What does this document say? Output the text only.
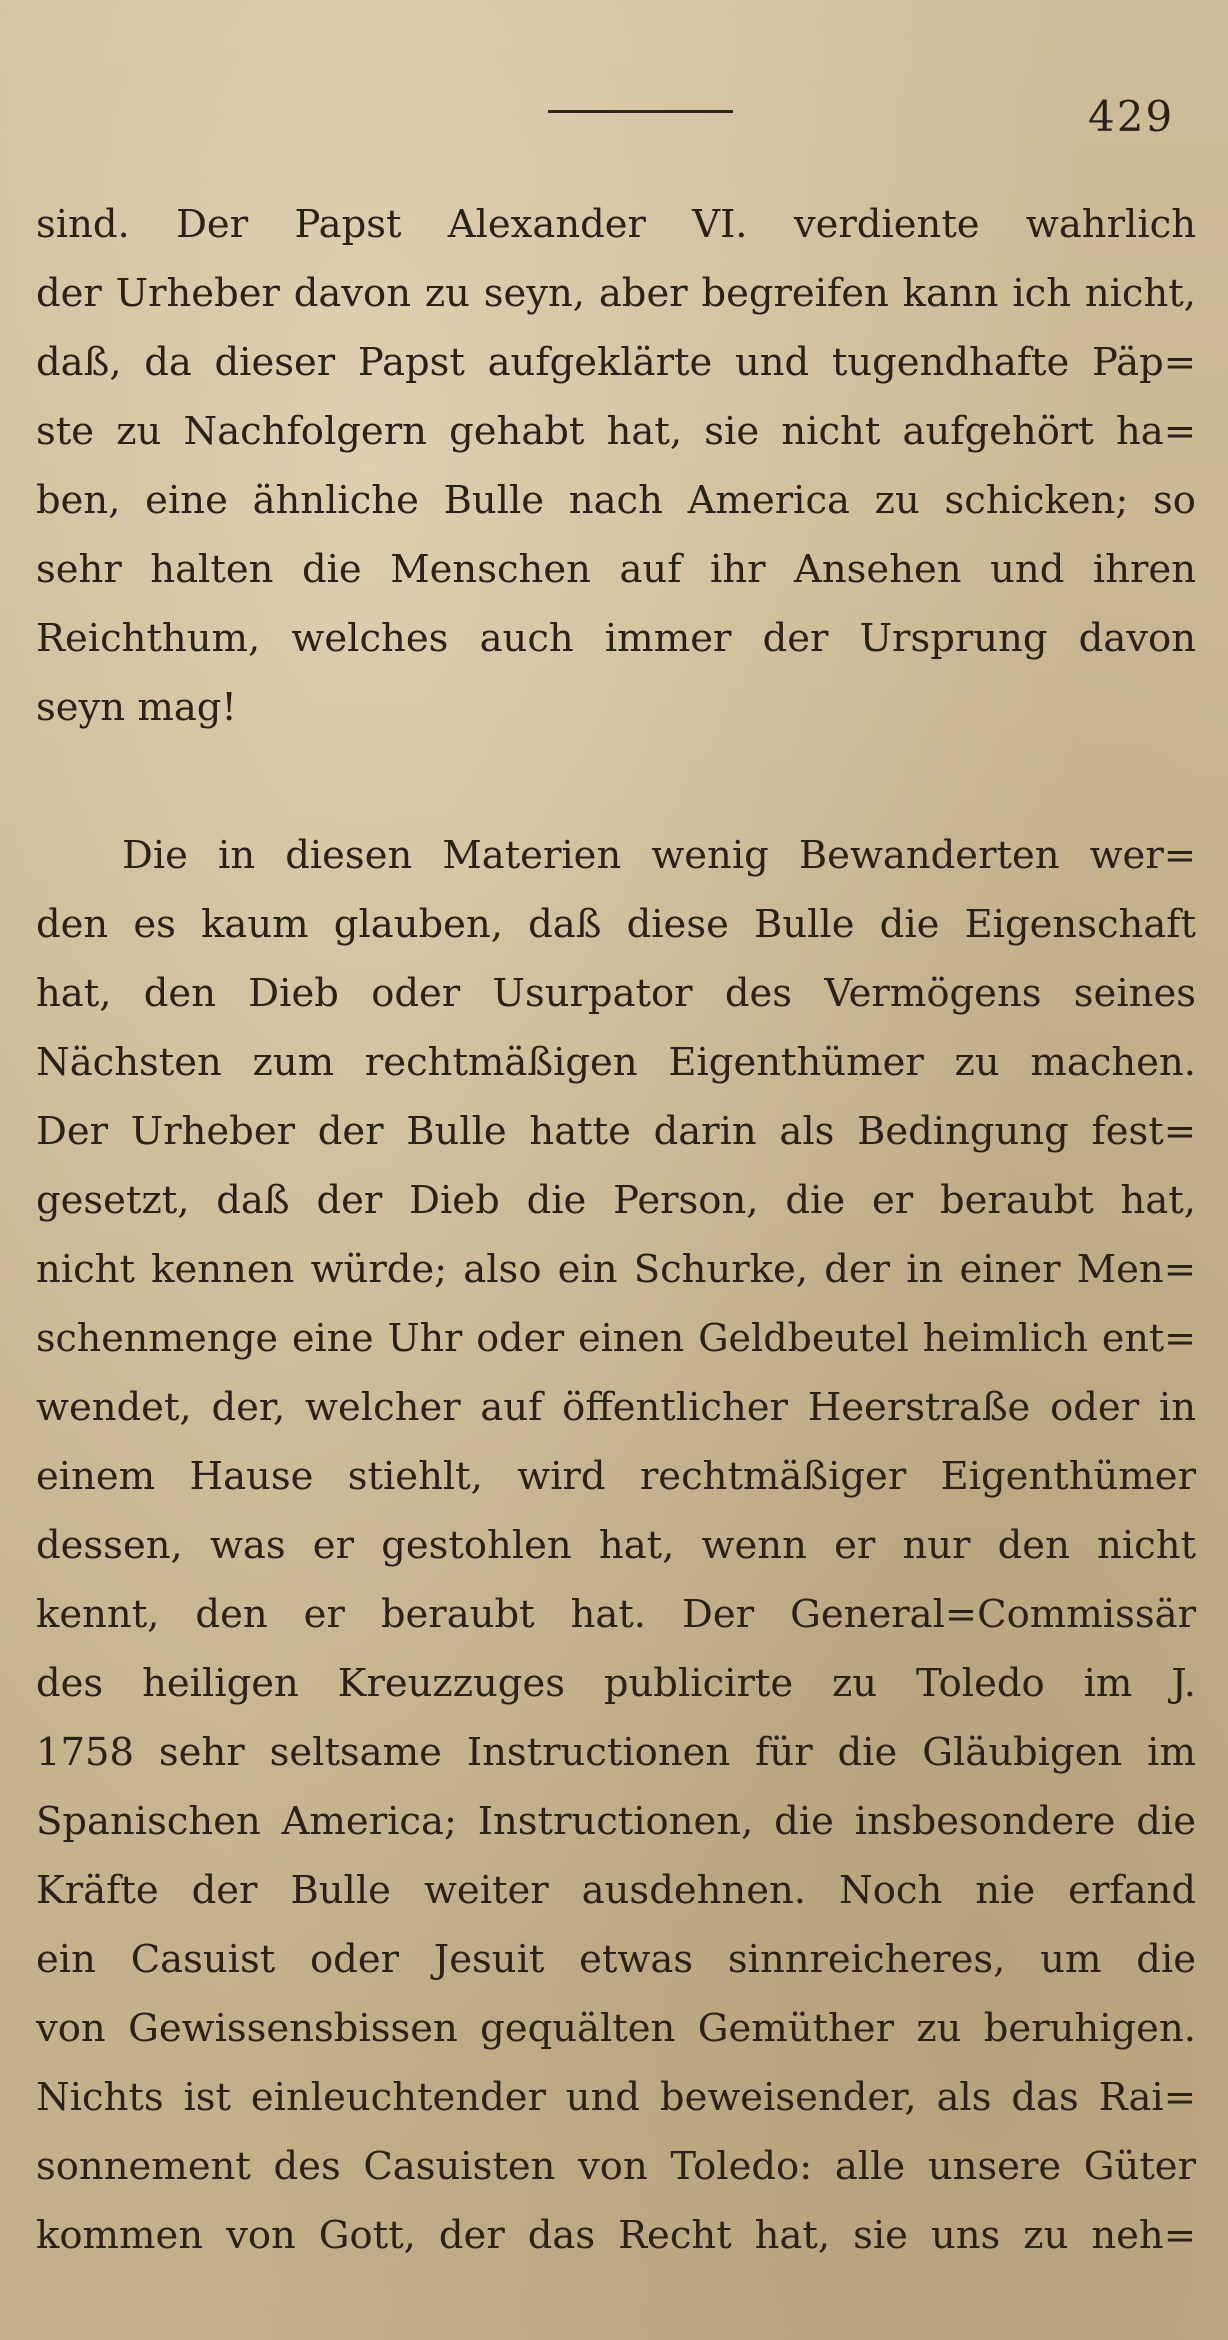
429
sind. Der Papst Alexander VI. verdiente wahrlich
der Urheber davon zu seyn, aber begreifen kann ich nicht,
daß, da dieser Papst aufgeklärte und tugendhafte Päp=
ste zu Nachfolgern gehabt hat, sie nicht aufgehört ha=
ben, eine ähnliche Bulle nach America zu schicken; so
sehr halten die Menschen auf ihr Ansehen und ihren
Reichthum, welches auch immer der Ursprung davon
seyn mag!
Die in diesen Materien wenig Bewanderten wer=
den es kaum glauben, daß diese Bulle die Eigenschaft
hat, den Dieb oder Usurpator des Vermögens seines
Nächsten zum rechtmäßigen Eigenthümer zu machen.
Der Urheber der Bulle hatte darin als Bedingung fest=
gesetzt, daß der Dieb die Person, die er beraubt hat,
nicht kennen würde; also ein Schurke, der in einer Men=
schenmenge eine Uhr oder einen Geldbeutel heimlich ent=
wendet, der, welcher auf öffentlicher Heerstraße oder in
einem Hause stiehlt, wird rechtmäßiger Eigenthümer
dessen, was er gestohlen hat, wenn er nur den nicht
kennt, den er beraubt hat. Der General=Commissär
des heiligen Kreuzzuges publicirte zu Toledo im J.
1758 sehr seltsame Instructionen für die Gläubigen im
Spanischen America; Instructionen, die insbesondere die
Kräfte der Bulle weiter ausdehnen. Noch nie erfand
ein Casuist oder Jesuit etwas sinnreicheres, um die
von Gewissensbissen gequälten Gemüther zu beruhigen.
Nichts ist einleuchtender und beweisender, als das Rai=
sonnement des Casuisten von Toledo: alle unsere Güter
kommen von Gott, der das Recht hat, sie uns zu neh=
